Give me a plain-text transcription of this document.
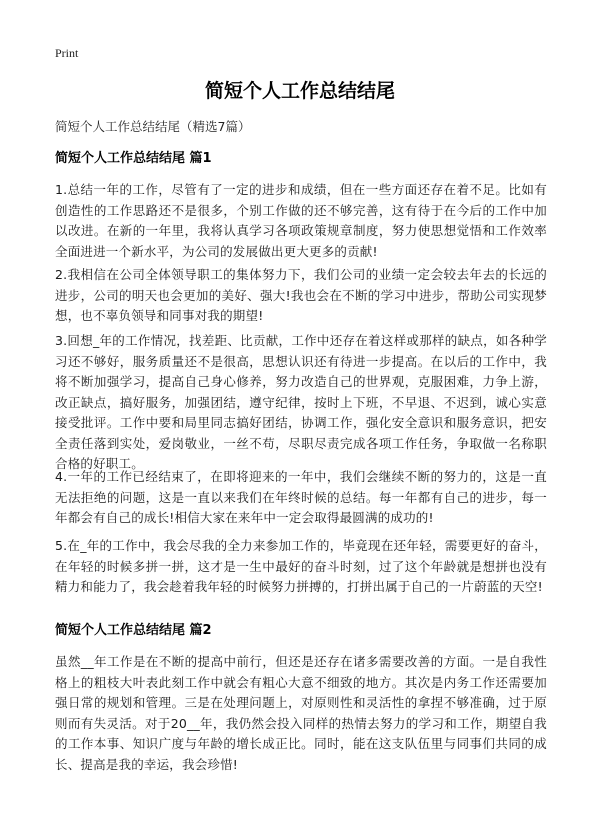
Print
简短个人工作总结结尾
简短个人工作总结结尾（精选7篇）
简短个人工作总结结尾 篇1
1.总结一年的工作，尽管有了一定的进步和成绩，但在一些方面还存在着不足。比如有创造性的工作思路还不是很多，个别工作做的还不够完善，这有待于在今后的工作中加以改进。在新的一年里，我将认真学习各项政策规章制度，努力使思想觉悟和工作效率全面进进一个新水平，为公司的发展做出更大更多的贡献!
2.我相信在公司全体领导职工的集体努力下，我们公司的业绩一定会较去年去的长远的进步，公司的明天也会更加的美好、强大!我也会在不断的学习中进步，帮助公司实现梦想，也不辜负领导和同事对我的期望!
3.回想_年的工作情况，找差距、比贡献，工作中还存在着这样或那样的缺点，如各种学习还不够好，服务质量还不是很高，思想认识还有待进一步提高。在以后的工作中，我将不断加强学习，提高自己身心修养，努力改造自己的世界观，克服困难，力争上游，改正缺点，搞好服务，加强团结，遵守纪律，按时上下班，不早退、不迟到，诚心实意接受批评。工作中要和局里同志搞好团结，协调工作，强化安全意识和服务意识，把安全责任落到实处，爱岗敬业，一丝不苟，尽职尽责完成各项工作任务，争取做一名称职合格的好职工。
4.一年的工作已经结束了，在即将迎来的一年中，我们会继续不断的努力的，这是一直无法拒绝的问题，这是一直以来我们在年终时候的总结。每一年都有自己的进步，每一年都会有自己的成长!相信大家在来年中一定会取得最圆满的成功的!
5.在_年的工作中，我会尽我的全力来参加工作的，毕竟现在还年轻，需要更好的奋斗，在年轻的时候多拼一拼，这才是一生中最好的奋斗时刻，过了这个年龄就是想拼也没有精力和能力了，我会趁着我年轻的时候努力拼搏的，打拼出属于自己的一片蔚蓝的天空!
简短个人工作总结结尾 篇2
虽然__年工作是在不断的提高中前行，但还是还存在诸多需要改善的方面。一是自我性格上的粗枝大叶表此刻工作中就会有粗心大意不细致的地方。其次是内务工作还需要加强日常的规划和管理。三是在处理问题上，对原则性和灵活性的拿捏不够准确，过于原则而有失灵活。对于20__年，我仍然会投入同样的热情去努力的学习和工作，期望自我的工作本事、知识广度与年龄的增长成正比。同时，能在这支队伍里与同事们共同的成长、提高是我的幸运，我会珍惜!
